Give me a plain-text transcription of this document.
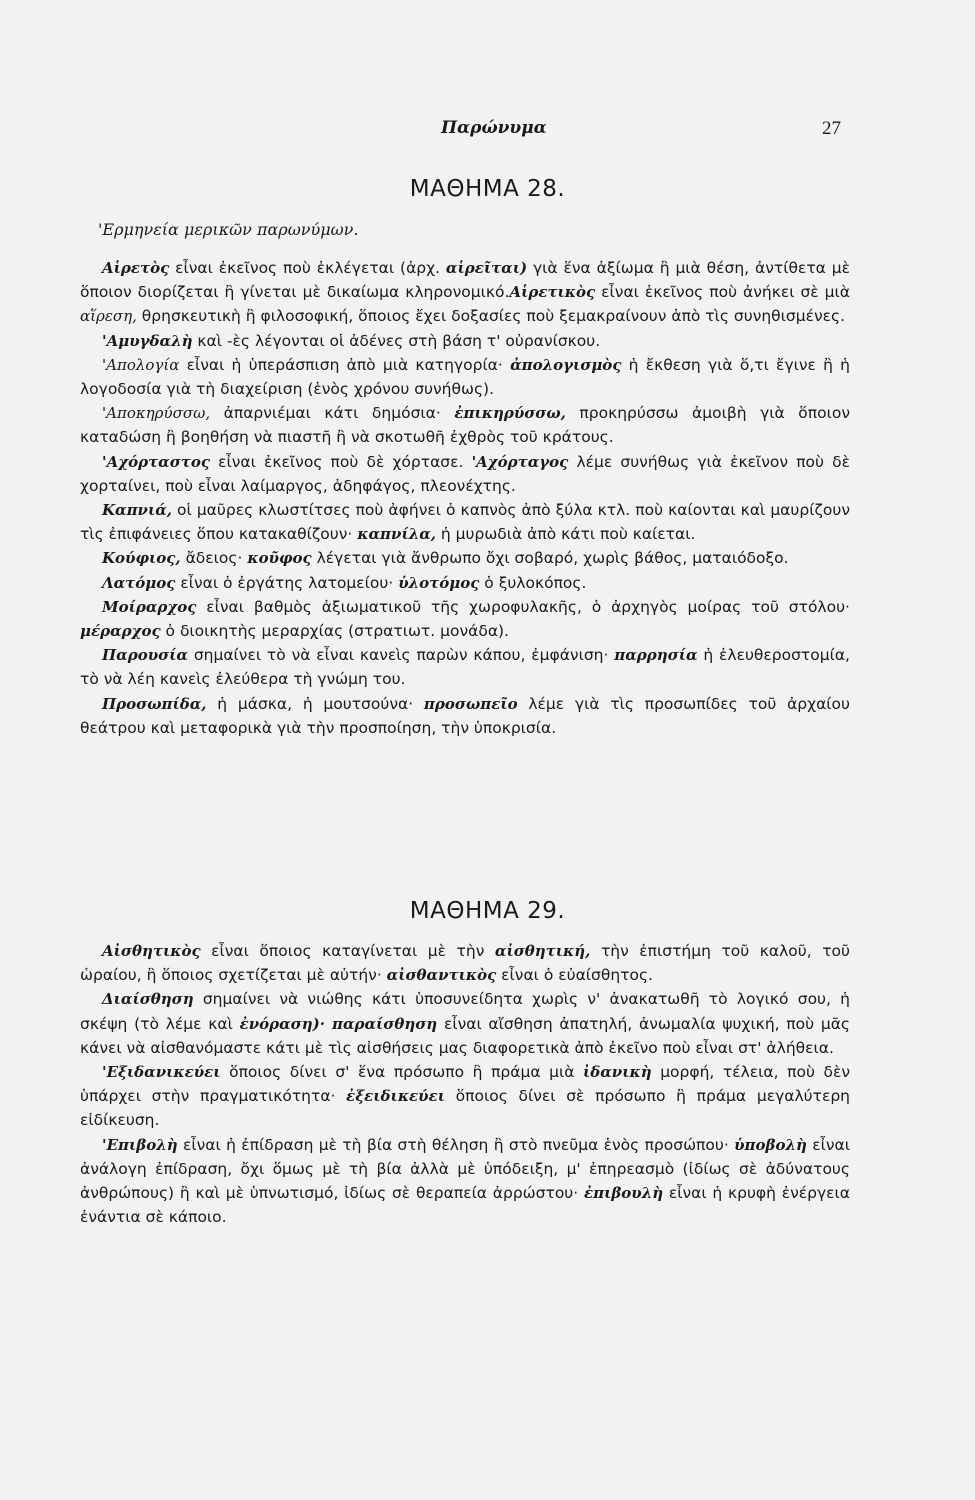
Παρώνυμα	27
ΜΑΘΗΜΑ 28.
'Ερμηνεία μερικῶν παρωνύμων.

Αἱρετὸς εἶναι ἐκεῖνος ποὺ ἐκλέγεται (ἀρχ. αἱρεῖται) γιὰ ἕνα ἀξίωμα ἢ μιὰ θέση, ἀντίθετα μὲ ὅποιον διορίζεται ἢ γίνεται μὲ δικαίωμα κληρονομικό.Αἱρετικὸς εἶναι ἐκεῖνος ποὺ ἀνήκει σὲ μιὰ αἵρεση, θρησκευτικὴ ἢ φιλοσοφική, ὅποιος ἔχει δοξασίες ποὺ ξεμακραίνουν ἀπὸ τὶς συνηθισμένες.

'Αμυγδαλὴ καὶ -ὲς λέγονται οἱ ἀδένες στὴ βάση τ' οὐρανίσκου.

'Απολογία εἶναι ἡ ὑπεράσπιση ἀπὸ μιὰ κατηγορία· ἀπολογισμὸς ἡ ἔκθεση γιὰ ὅ,τι ἔγινε ἢ ἡ λογοδοσία γιὰ τὴ διαχείριση (ἑνὸς χρόνου συνήθως).

'Αποκηρύσσω, ἀπαρνιέμαι κάτι δημόσια· ἐπικηρύσσω, προκηρύσσω ἀμοιβὴ γιὰ ὅποιον καταδώση ἢ βοηθήση νὰ πιαστῆ ἢ νὰ σκοτωθῆ ἐχθρὸς τοῦ κράτους.

'Αχόρταστος εἶναι ἐκεῖνος ποὺ δὲ χόρτασε. 'Αχόρταγος λέμε συνήθως γιὰ ἐκεῖνον ποὺ δὲ χορταίνει, ποὺ εἶναι λαίμαργος, ἀδηφάγος, πλεονέχτης.

Καπνιά, οἱ μαῦρες κλωστίτσες ποὺ ἀφήνει ὁ καπνὸς ἀπὸ ξύλα κτλ. ποὺ καίονται καὶ μαυρίζουν τὶς ἐπιφάνειες ὅπου κατακαθίζουν· καπνίλα, ἡ μυρωδιὰ ἀπὸ κάτι ποὺ καίεται.

Κούφιος, ἄδειος· κοῦφος λέγεται γιὰ ἄνθρωπο ὄχι σοβαρό, χωρὶς βάθος, ματαιόδοξο.

Λατόμος εἶναι ὁ ἐργάτης λατομείου· ὑλοτόμος ὁ ξυλοκόπος.

Μοίραρχος εἶναι βαθμὸς ἀξιωματικοῦ τῆς χωροφυλακῆς, ὁ ἀρχηγὸς μοίρας τοῦ στόλου· μέραρχος ὁ διοικητὴς μεραρχίας (στρατιωτ. μονάδα).

Παρουσία σημαίνει τὸ νὰ εἶναι κανεὶς παρὼν κάπου, ἐμφάνιση· παρρησία ἡ ἐλευθεροστομία, τὸ νὰ λέη κανεὶς ἐλεύθερα τὴ γνώμη του.

Προσωπίδα, ἡ μάσκα, ἡ μουτσούνα· προσωπεῖο λέμε γιὰ τὶς προσωπίδες τοῦ ἀρχαίου θεάτρου καὶ μεταφορικὰ γιὰ τὴν προσποίηση, τὴν ὑποκρισία.

ΜΑΘΗΜΑ 29.

Αἰσθητικὸς εἶναι ὅποιος καταγίνεται μὲ τὴν αἰσθητική, τὴν ἐπιστήμη τοῦ καλοῦ, τοῦ ὡραίου, ἢ ὅποιος σχετίζεται μὲ αὐτήν· αἰσθαντικὸς εἶναι ὁ εὐαίσθητος.

Διαίσθηση σημαίνει νὰ νιώθης κάτι ὑποσυνείδητα χωρὶς ν' ἀνακατωθῆ τὸ λογικό σου, ἡ σκέψη (τὸ λέμε καὶ ἐνόραση)· παραίσθηση εἶναι αἴσθηση ἀπατηλή, ἀνωμαλία ψυχική, ποὺ μᾶς κάνει νὰ αἰσθανόμαστε κάτι μὲ τὶς αἰσθήσεις μας διαφορετικὰ ἀπὸ ἐκεῖνο ποὺ εἶναι στ' ἀλήθεια.

'Εξιδανικεύει ὅποιος δίνει σ' ἕνα πρόσωπο ἢ πράμα μιὰ ἰδανικὴ μορφή, τέλεια, ποὺ δὲν ὑπάρχει στὴν πραγματικότητα· ἐξειδικεύει ὅποιος δίνει σὲ πρόσωπο ἢ πράμα μεγαλύτερη εἰδίκευση.

'Επιβολὴ εἶναι ἡ ἐπίδραση μὲ τὴ βία στὴ θέληση ἢ στὸ πνεῦμα ἑνὸς προσώπου· ὑποβολὴ εἶναι ἀνάλογη ἐπίδραση, ὄχι ὅμως μὲ τὴ βία ἀλλὰ μὲ ὑπόδειξη, μ' ἐπηρεασμὸ (ἰδίως σὲ ἀδύνατους ἀνθρώπους) ἢ καὶ μὲ ὑπνωτισμό, ἰδίως σὲ θεραπεία ἀρρώστου· ἐπιβουλὴ εἶναι ἡ κρυφὴ ἐνέργεια ἐνάντια σὲ κάποιο.
